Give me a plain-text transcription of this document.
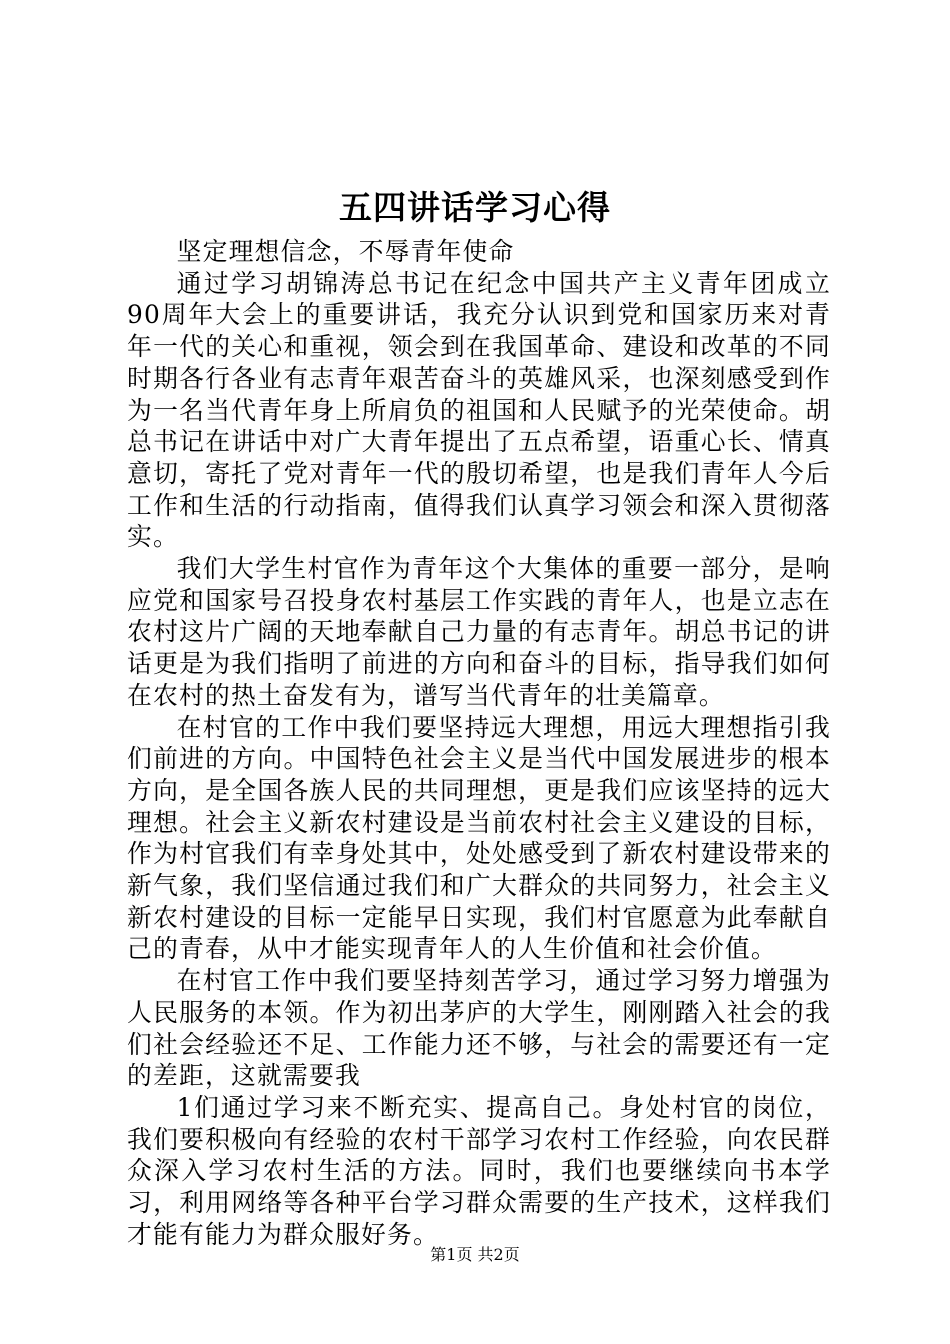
五四讲话学习心得

坚定理想信念，不辱青年使命

通过学习胡锦涛总书记在纪念中国共产主义青年团成立90周年大会上的重要讲话，我充分认识到党和国家历来对青年一代的关心和重视，领会到在我国革命、建设和改革的不同时期各行各业有志青年艰苦奋斗的英雄风采，也深刻感受到作为一名当代青年身上所肩负的祖国和人民赋予的光荣使命。胡总书记在讲话中对广大青年提出了五点希望，语重心长、情真意切，寄托了党对青年一代的殷切希望，也是我们青年人今后工作和生活的行动指南，值得我们认真学习领会和深入贯彻落实。

我们大学生村官作为青年这个大集体的重要一部分，是响应党和国家号召投身农村基层工作实践的青年人，也是立志在农村这片广阔的天地奉献自己力量的有志青年。胡总书记的讲话更是为我们指明了前进的方向和奋斗的目标，指导我们如何在农村的热土奋发有为，谱写当代青年的壮美篇章。

在村官的工作中我们要坚持远大理想，用远大理想指引我们前进的方向。中国特色社会主义是当代中国发展进步的根本方向，是全国各族人民的共同理想，更是我们应该坚持的远大理想。社会主义新农村建设是当前农村社会主义建设的目标，作为村官我们有幸身处其中，处处感受到了新农村建设带来的新气象，我们坚信通过我们和广大群众的共同努力，社会主义新农村建设的目标一定能早日实现，我们村官愿意为此奉献自己的青春，从中才能实现青年人的人生价值和社会价值。

在村官工作中我们要坚持刻苦学习，通过学习努力增强为人民服务的本领。作为初出茅庐的大学生，刚刚踏入社会的我们社会经验还不足、工作能力还不够，与社会的需要还有一定的差距，这就需要我

1们通过学习来不断充实、提高自己。身处村官的岗位，我们要积极向有经验的农村干部学习农村工作经验，向农民群众深入学习农村生活的方法。同时，我们也要继续向书本学习，利用网络等各种平台学习群众需要的生产技术，这样我们才能有能力为群众服好务。

第1页 共2页
